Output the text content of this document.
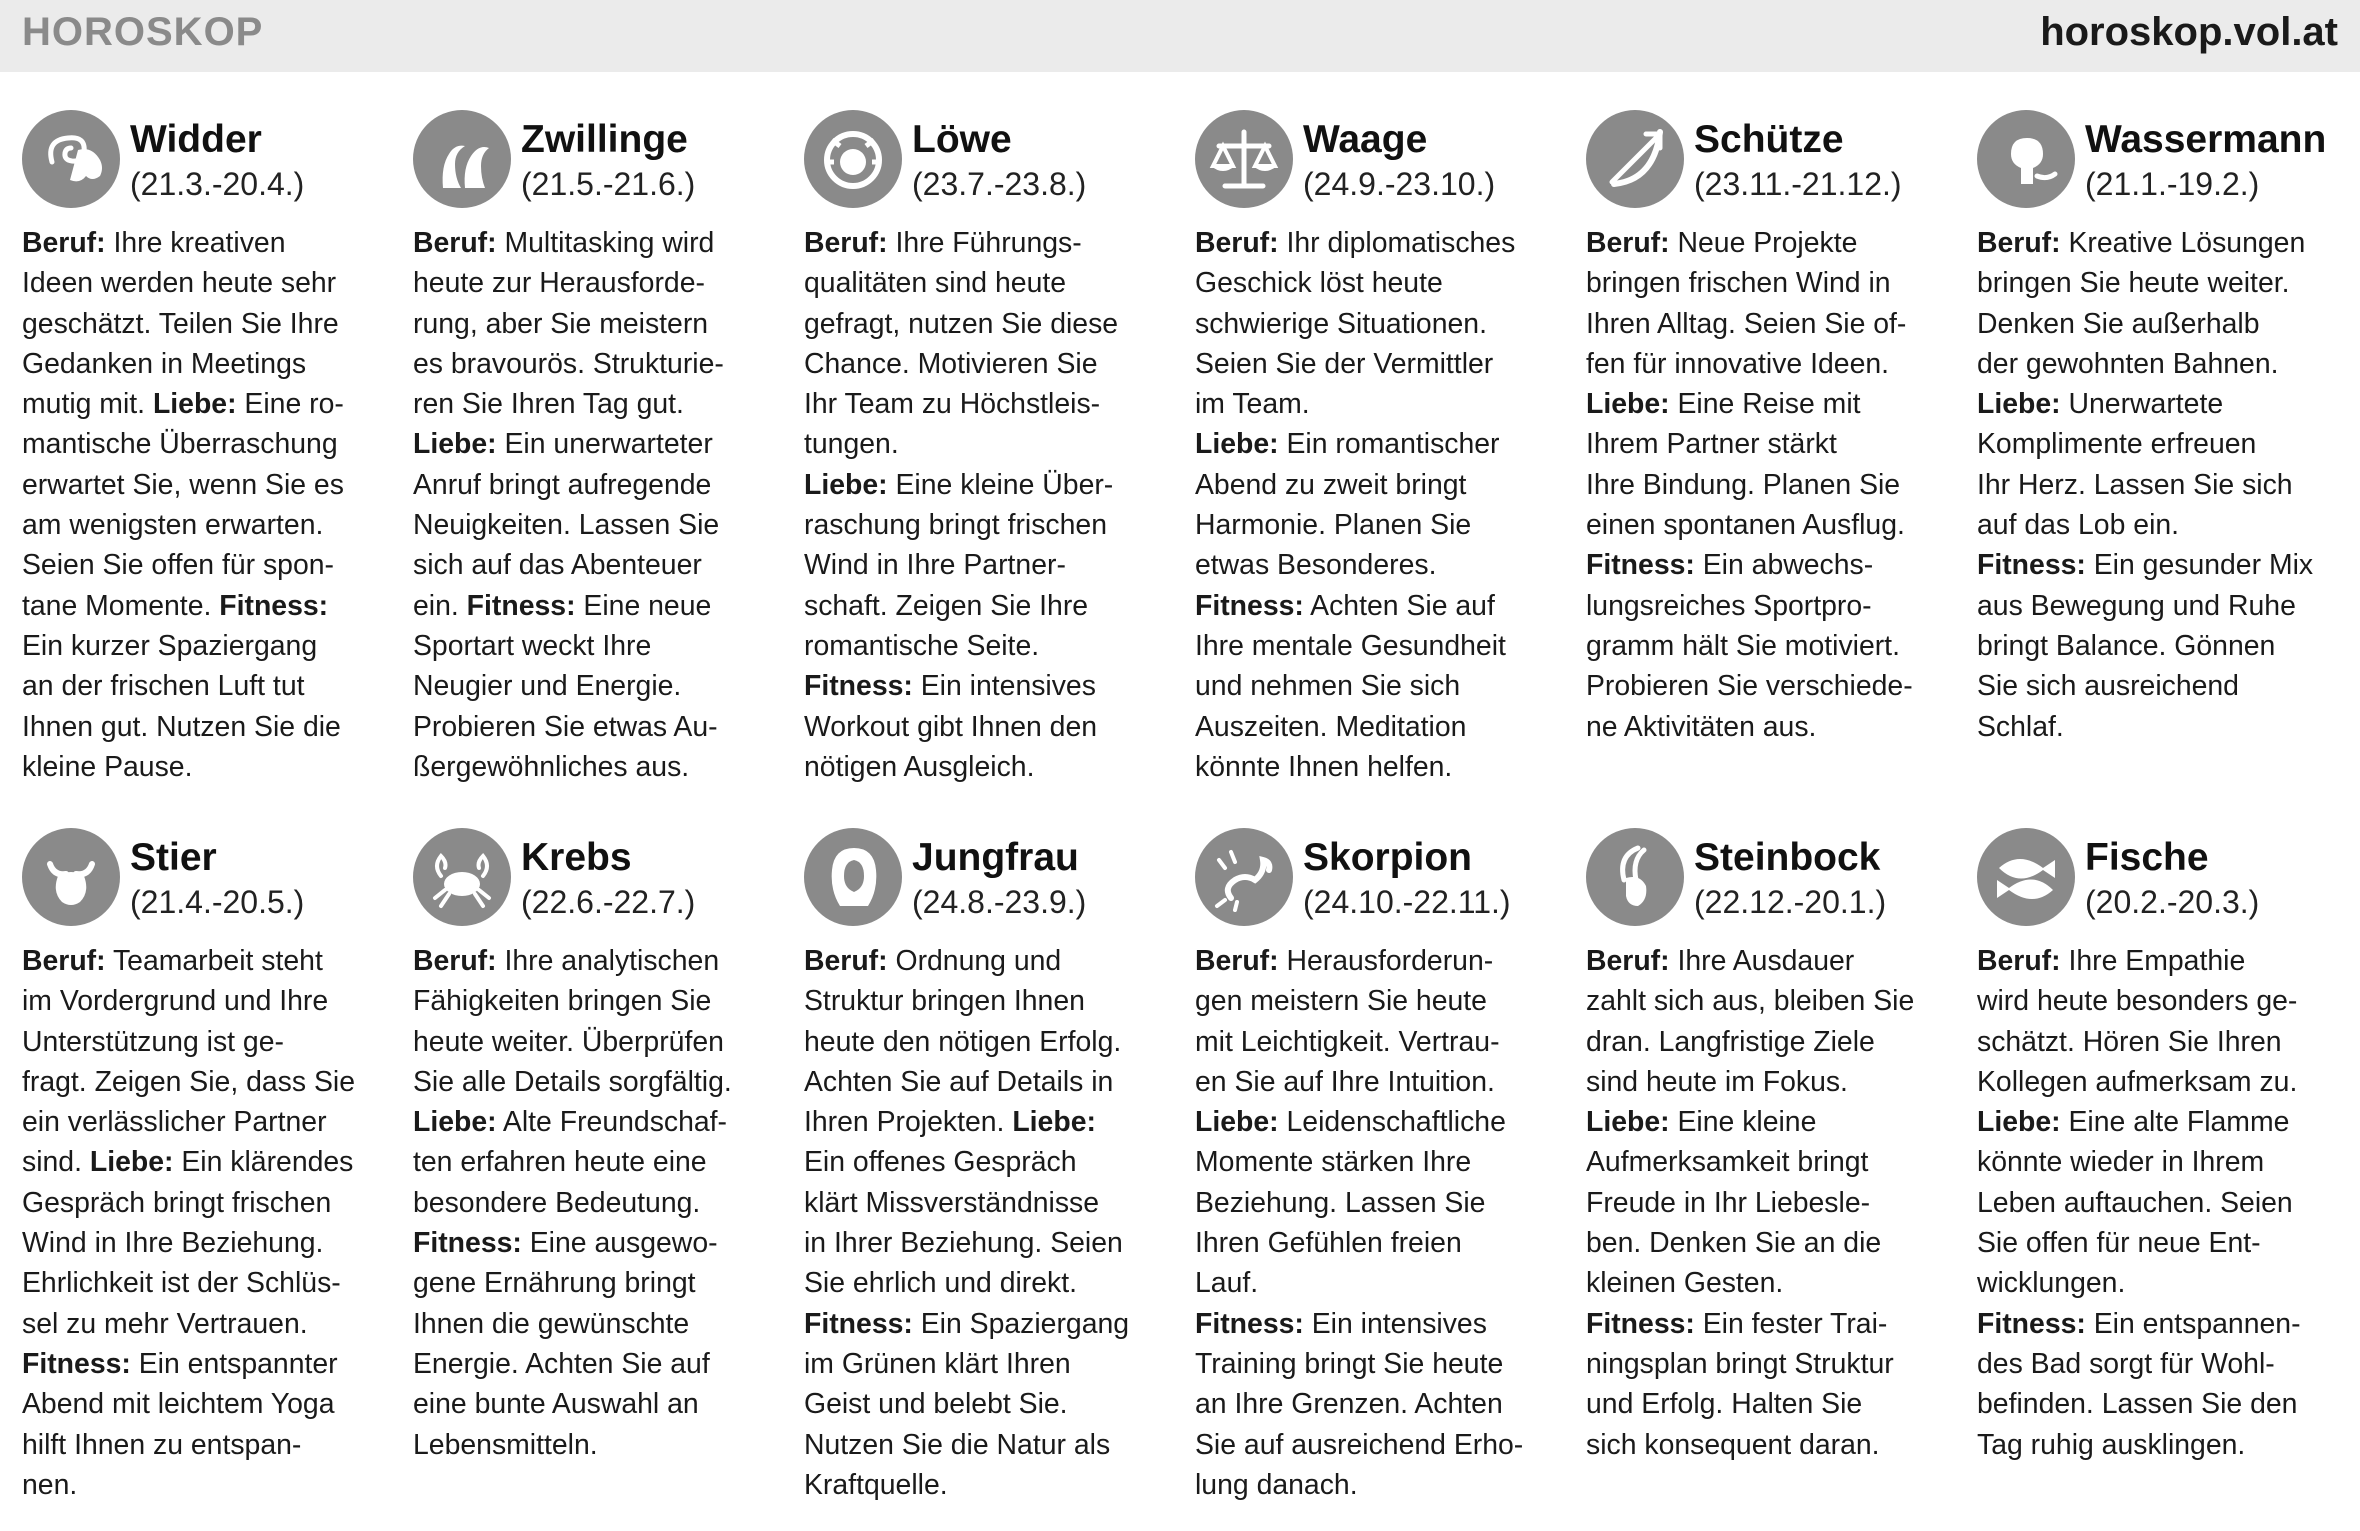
HOROSKOP	horoskop.vol.at
Widder
(21.3.-20.4.)
Beruf: Ihre kreativen
Ideen werden heute sehr
geschätzt. Teilen Sie Ihre
Gedanken in Meetings
mutig mit. Liebe: Eine ro-
mantische Überraschung
erwartet Sie, wenn Sie es
am wenigsten erwarten.
Seien Sie offen für spon-
tane Momente. Fitness:
Ein kurzer Spaziergang
an der frischen Luft tut
Ihnen gut. Nutzen Sie die
kleine Pause.
Zwillinge
(21.5.-21.6.)
Beruf: Multitasking wird
heute zur Herausforde-
rung, aber Sie meistern
es bravourös. Strukturie-
ren Sie Ihren Tag gut.
Liebe: Ein unerwarteter
Anruf bringt aufregende
Neuigkeiten. Lassen Sie
sich auf das Abenteuer
ein. Fitness: Eine neue
Sportart weckt Ihre
Neugier und Energie.
Probieren Sie etwas Au-
ßergewöhnliches aus.
Löwe
(23.7.-23.8.)
Beruf: Ihre Führungs-
qualitäten sind heute
gefragt, nutzen Sie diese
Chance. Motivieren Sie
Ihr Team zu Höchstleis-
tungen.
Liebe: Eine kleine Über-
raschung bringt frischen
Wind in Ihre Partner-
schaft. Zeigen Sie Ihre
romantische Seite.
Fitness: Ein intensives
Workout gibt Ihnen den
nötigen Ausgleich.
Waage
(24.9.-23.10.)
Beruf: Ihr diplomatisches
Geschick löst heute
schwierige Situationen.
Seien Sie der Vermittler
im Team.
Liebe: Ein romantischer
Abend zu zweit bringt
Harmonie. Planen Sie
etwas Besonderes.
Fitness: Achten Sie auf
Ihre mentale Gesundheit
und nehmen Sie sich
Auszeiten. Meditation
könnte Ihnen helfen.
Schütze
(23.11.-21.12.)
Beruf: Neue Projekte
bringen frischen Wind in
Ihren Alltag. Seien Sie of-
fen für innovative Ideen.
Liebe: Eine Reise mit
Ihrem Partner stärkt
Ihre Bindung. Planen Sie
einen spontanen Ausflug.
Fitness: Ein abwechs-
lungsreiches Sportpro-
gramm hält Sie motiviert.
Probieren Sie verschiede-
ne Aktivitäten aus.
Wassermann
(21.1.-19.2.)
Beruf: Kreative Lösungen
bringen Sie heute weiter.
Denken Sie außerhalb
der gewohnten Bahnen.
Liebe: Unerwartete
Komplimente erfreuen
Ihr Herz. Lassen Sie sich
auf das Lob ein.
Fitness: Ein gesunder Mix
aus Bewegung und Ruhe
bringt Balance. Gönnen
Sie sich ausreichend
Schlaf.
Stier
(21.4.-20.5.)
Beruf: Teamarbeit steht
im Vordergrund und Ihre
Unterstützung ist ge-
fragt. Zeigen Sie, dass Sie
ein verlässlicher Partner
sind. Liebe: Ein klärendes
Gespräch bringt frischen
Wind in Ihre Beziehung.
Ehrlichkeit ist der Schlüs-
sel zu mehr Vertrauen.
Fitness: Ein entspannter
Abend mit leichtem Yoga
hilft Ihnen zu entspan-
nen.
Krebs
(22.6.-22.7.)
Beruf: Ihre analytischen
Fähigkeiten bringen Sie
heute weiter. Überprüfen
Sie alle Details sorgfältig.
Liebe: Alte Freundschaf-
ten erfahren heute eine
besondere Bedeutung.
Fitness: Eine ausgewo-
gene Ernährung bringt
Ihnen die gewünschte
Energie. Achten Sie auf
eine bunte Auswahl an
Lebensmitteln.
Jungfrau
(24.8.-23.9.)
Beruf: Ordnung und
Struktur bringen Ihnen
heute den nötigen Erfolg.
Achten Sie auf Details in
Ihren Projekten. Liebe:
Ein offenes Gespräch
klärt Missverständnisse
in Ihrer Beziehung. Seien
Sie ehrlich und direkt.
Fitness: Ein Spaziergang
im Grünen klärt Ihren
Geist und belebt Sie.
Nutzen Sie die Natur als
Kraftquelle.
Skorpion
(24.10.-22.11.)
Beruf: Herausforderun-
gen meistern Sie heute
mit Leichtigkeit. Vertrau-
en Sie auf Ihre Intuition.
Liebe: Leidenschaftliche
Momente stärken Ihre
Beziehung. Lassen Sie
Ihren Gefühlen freien
Lauf.
Fitness: Ein intensives
Training bringt Sie heute
an Ihre Grenzen. Achten
Sie auf ausreichend Erho-
lung danach.
Steinbock
(22.12.-20.1.)
Beruf: Ihre Ausdauer
zahlt sich aus, bleiben Sie
dran. Langfristige Ziele
sind heute im Fokus.
Liebe: Eine kleine
Aufmerksamkeit bringt
Freude in Ihr Liebesle-
ben. Denken Sie an die
kleinen Gesten.
Fitness: Ein fester Trai-
ningsplan bringt Struktur
und Erfolg. Halten Sie
sich konsequent daran.
Fische
(20.2.-20.3.)
Beruf: Ihre Empathie
wird heute besonders ge-
schätzt. Hören Sie Ihren
Kollegen aufmerksam zu.
Liebe: Eine alte Flamme
könnte wieder in Ihrem
Leben auftauchen. Seien
Sie offen für neue Ent-
wicklungen.
Fitness: Ein entspannen-
des Bad sorgt für Wohl-
befinden. Lassen Sie den
Tag ruhig ausklingen.
